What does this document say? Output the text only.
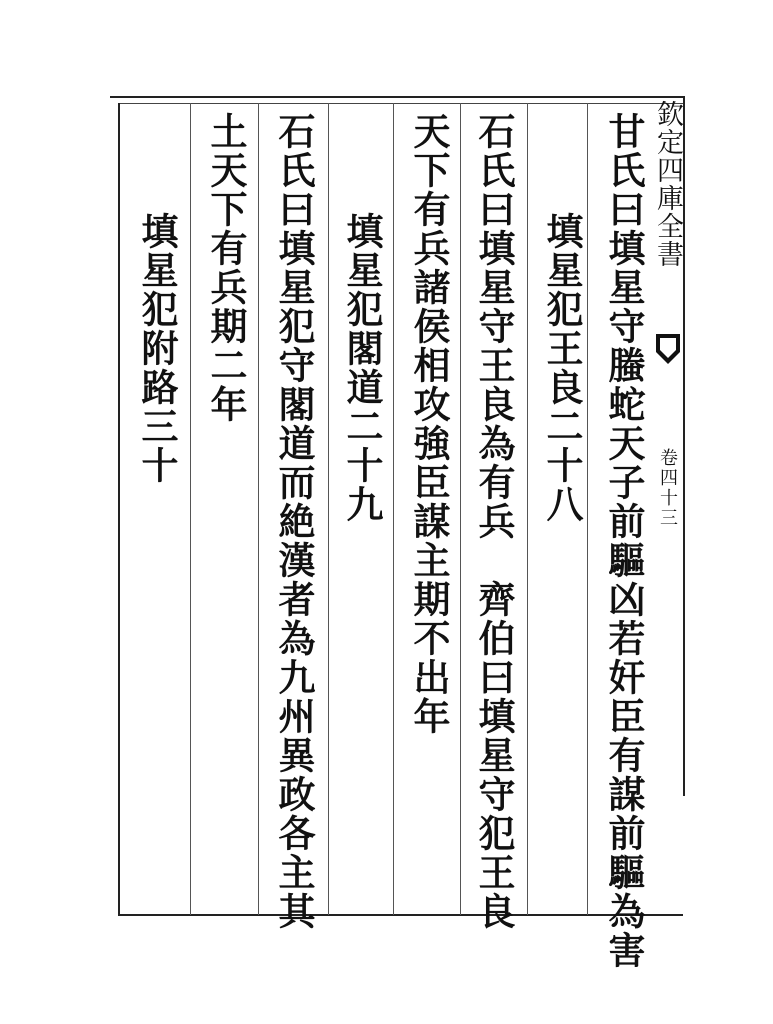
欽定四庫全書
卷四十三
甘氏曰填星守螣蛇天子前驅凶若奸臣有謀前驅為害
填星犯王良二十八
石氏曰填星守王良為有兵　齊伯曰填星守犯王良
天下有兵諸侯相攻強臣謀主期不出年
填星犯閣道二十九
石氏曰填星犯守閣道而絶漢者為九州異政各主其
土天下有兵期二年
填星犯附路三十
